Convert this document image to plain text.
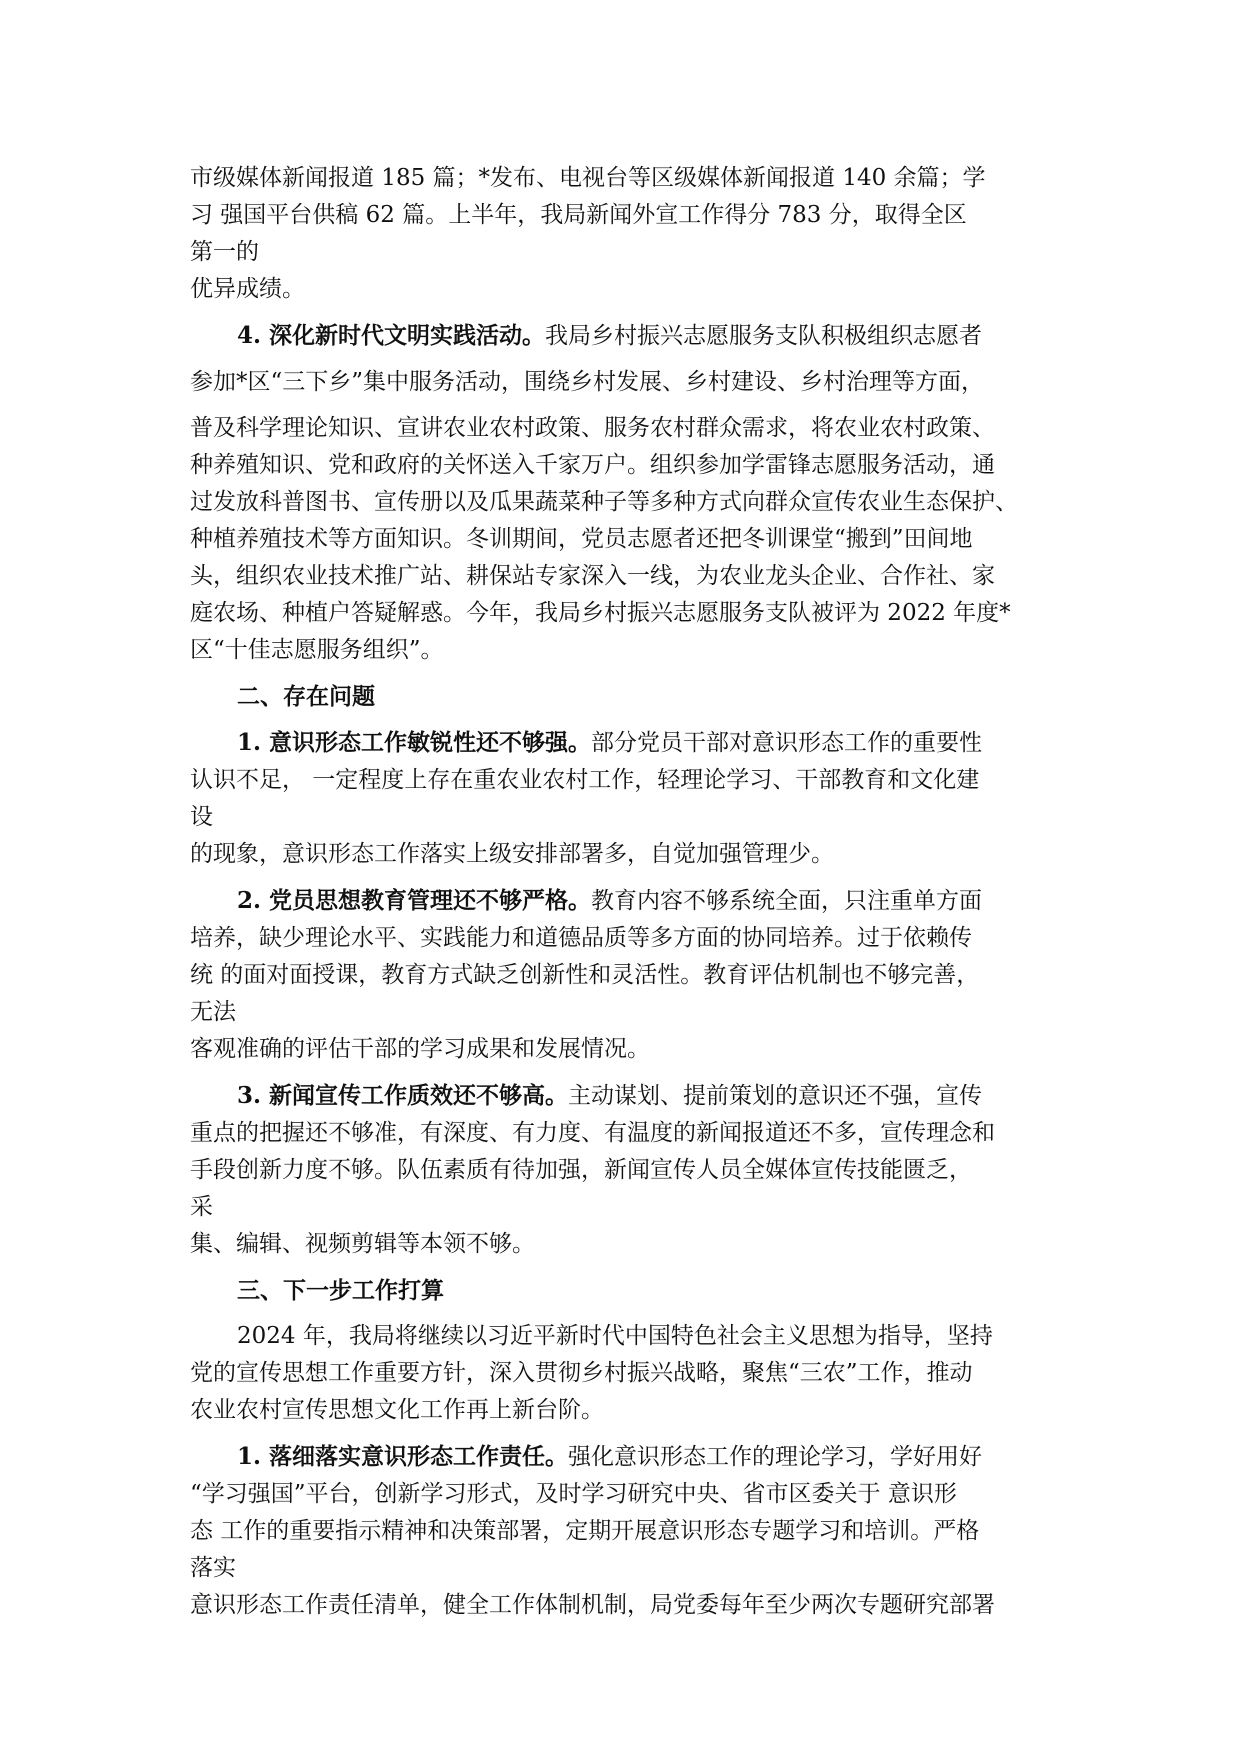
市级媒体新闻报道 185 篇；*发布、电视台等区级媒体新闻报道 140 余篇；学

习 强国平台供稿 62 篇。上半年，我局新闻外宣工作得分 783 分，取得全区

第一的

优异成绩。

4. 深化新时代文明实践活动。我局乡村振兴志愿服务支队积极组织志愿者

参加*区“三下乡”集中服务活动，围绕乡村发展、乡村建设、乡村治理等方面，

普及科学理论知识、宣讲农业农村政策、服务农村群众需求，将农业农村政策、

种养殖知识、党和政府的关怀送入千家万户。组织参加学雷锋志愿服务活动，通

过发放科普图书、宣传册以及瓜果蔬菜种子等多种方式向群众宣传农业生态保护、

种植养殖技术等方面知识。冬训期间，党员志愿者还把冬训课堂“搬到”田间地

头，组织农业技术推广站、耕保站专家深入一线，为农业龙头企业、合作社、家

庭农场、种植户答疑解惑。今年，我局乡村振兴志愿服务支队被评为 2022 年度*

区“十佳志愿服务组织”。

二、存在问题

1. 意识形态工作敏锐性还不够强。部分党员干部对意识形态工作的重要性

认识不足， 一定程度上存在重农业农村工作，轻理论学习、干部教育和文化建

设

的现象，意识形态工作落实上级安排部署多，自觉加强管理少。

2. 党员思想教育管理还不够严格。教育内容不够系统全面，只注重单方面

培养，缺少理论水平、实践能力和道德品质等多方面的协同培养。过于依赖传

统 的面对面授课，教育方式缺乏创新性和灵活性。教育评估机制也不够完善，

无法

客观准确的评估干部的学习成果和发展情况。

3. 新闻宣传工作质效还不够高。主动谋划、提前策划的意识还不强，宣传

重点的把握还不够准，有深度、有力度、有温度的新闻报道还不多，宣传理念和

手段创新力度不够。队伍素质有待加强，新闻宣传人员全媒体宣传技能匮乏，

采

集、编辑、视频剪辑等本领不够。

三、下一步工作打算

2024 年，我局将继续以习近平新时代中国特色社会主义思想为指导，坚持

党的宣传思想工作重要方针，深入贯彻乡村振兴战略，聚焦“三农”工作，推动

农业农村宣传思想文化工作再上新台阶。

1. 落细落实意识形态工作责任。强化意识形态工作的理论学习，学好用好

“学习强国”平台，创新学习形式，及时学习研究中央、省市区委关于 意识形

态 工作的重要指示精神和决策部署，定期开展意识形态专题学习和培训。严格

落实

意识形态工作责任清单，健全工作体制机制，局党委每年至少两次专题研究部署
